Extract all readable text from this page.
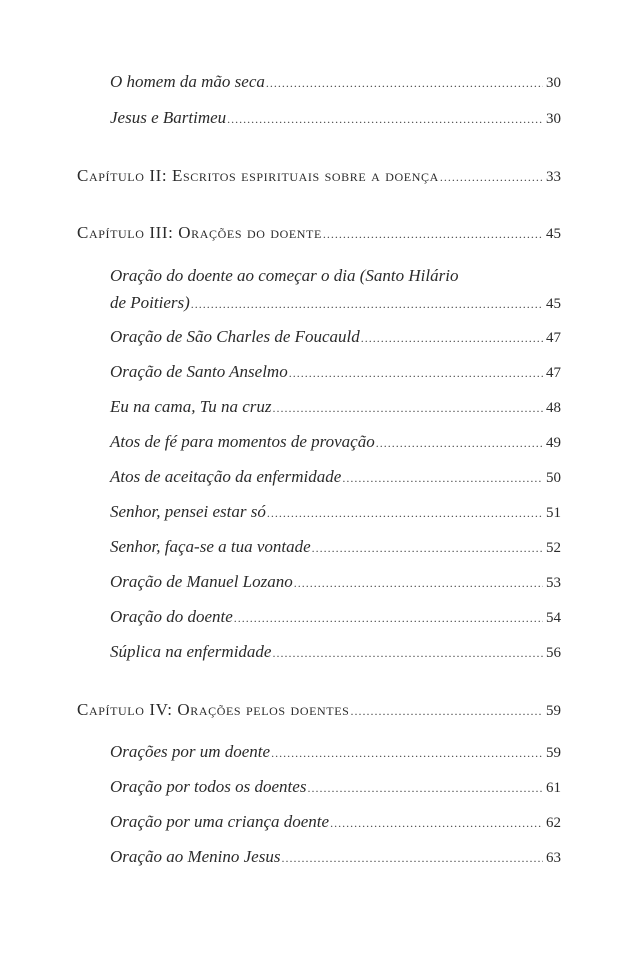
O homem da mão seca .....	30
Jesus e Bartimeu .....	30
Capítulo II: Escritos espirituais sobre a doença .....	33
Capítulo III: Orações do doente .....	45
Oração do doente ao começar o dia (Santo Hilário
de Poitiers) .....	45
Oração de São Charles de Foucauld .....	47
Oração de Santo Anselmo .....	47
Eu na cama, Tu na cruz .....	48
Atos de fé para momentos de provação .....	49
Atos de aceitação da enfermidade .....	50
Senhor, pensei estar só .....	51
Senhor, faça-se a tua vontade .....	52
Oração de Manuel Lozano .....	53
Oração do doente .....	54
Súplica na enfermidade .....	56
Capítulo IV: Orações pelos doentes .....	59
Orações por um doente .....	59
Oração por todos os doentes .....	61
Oração por uma criança doente .....	62
Oração ao Menino Jesus .....	63
